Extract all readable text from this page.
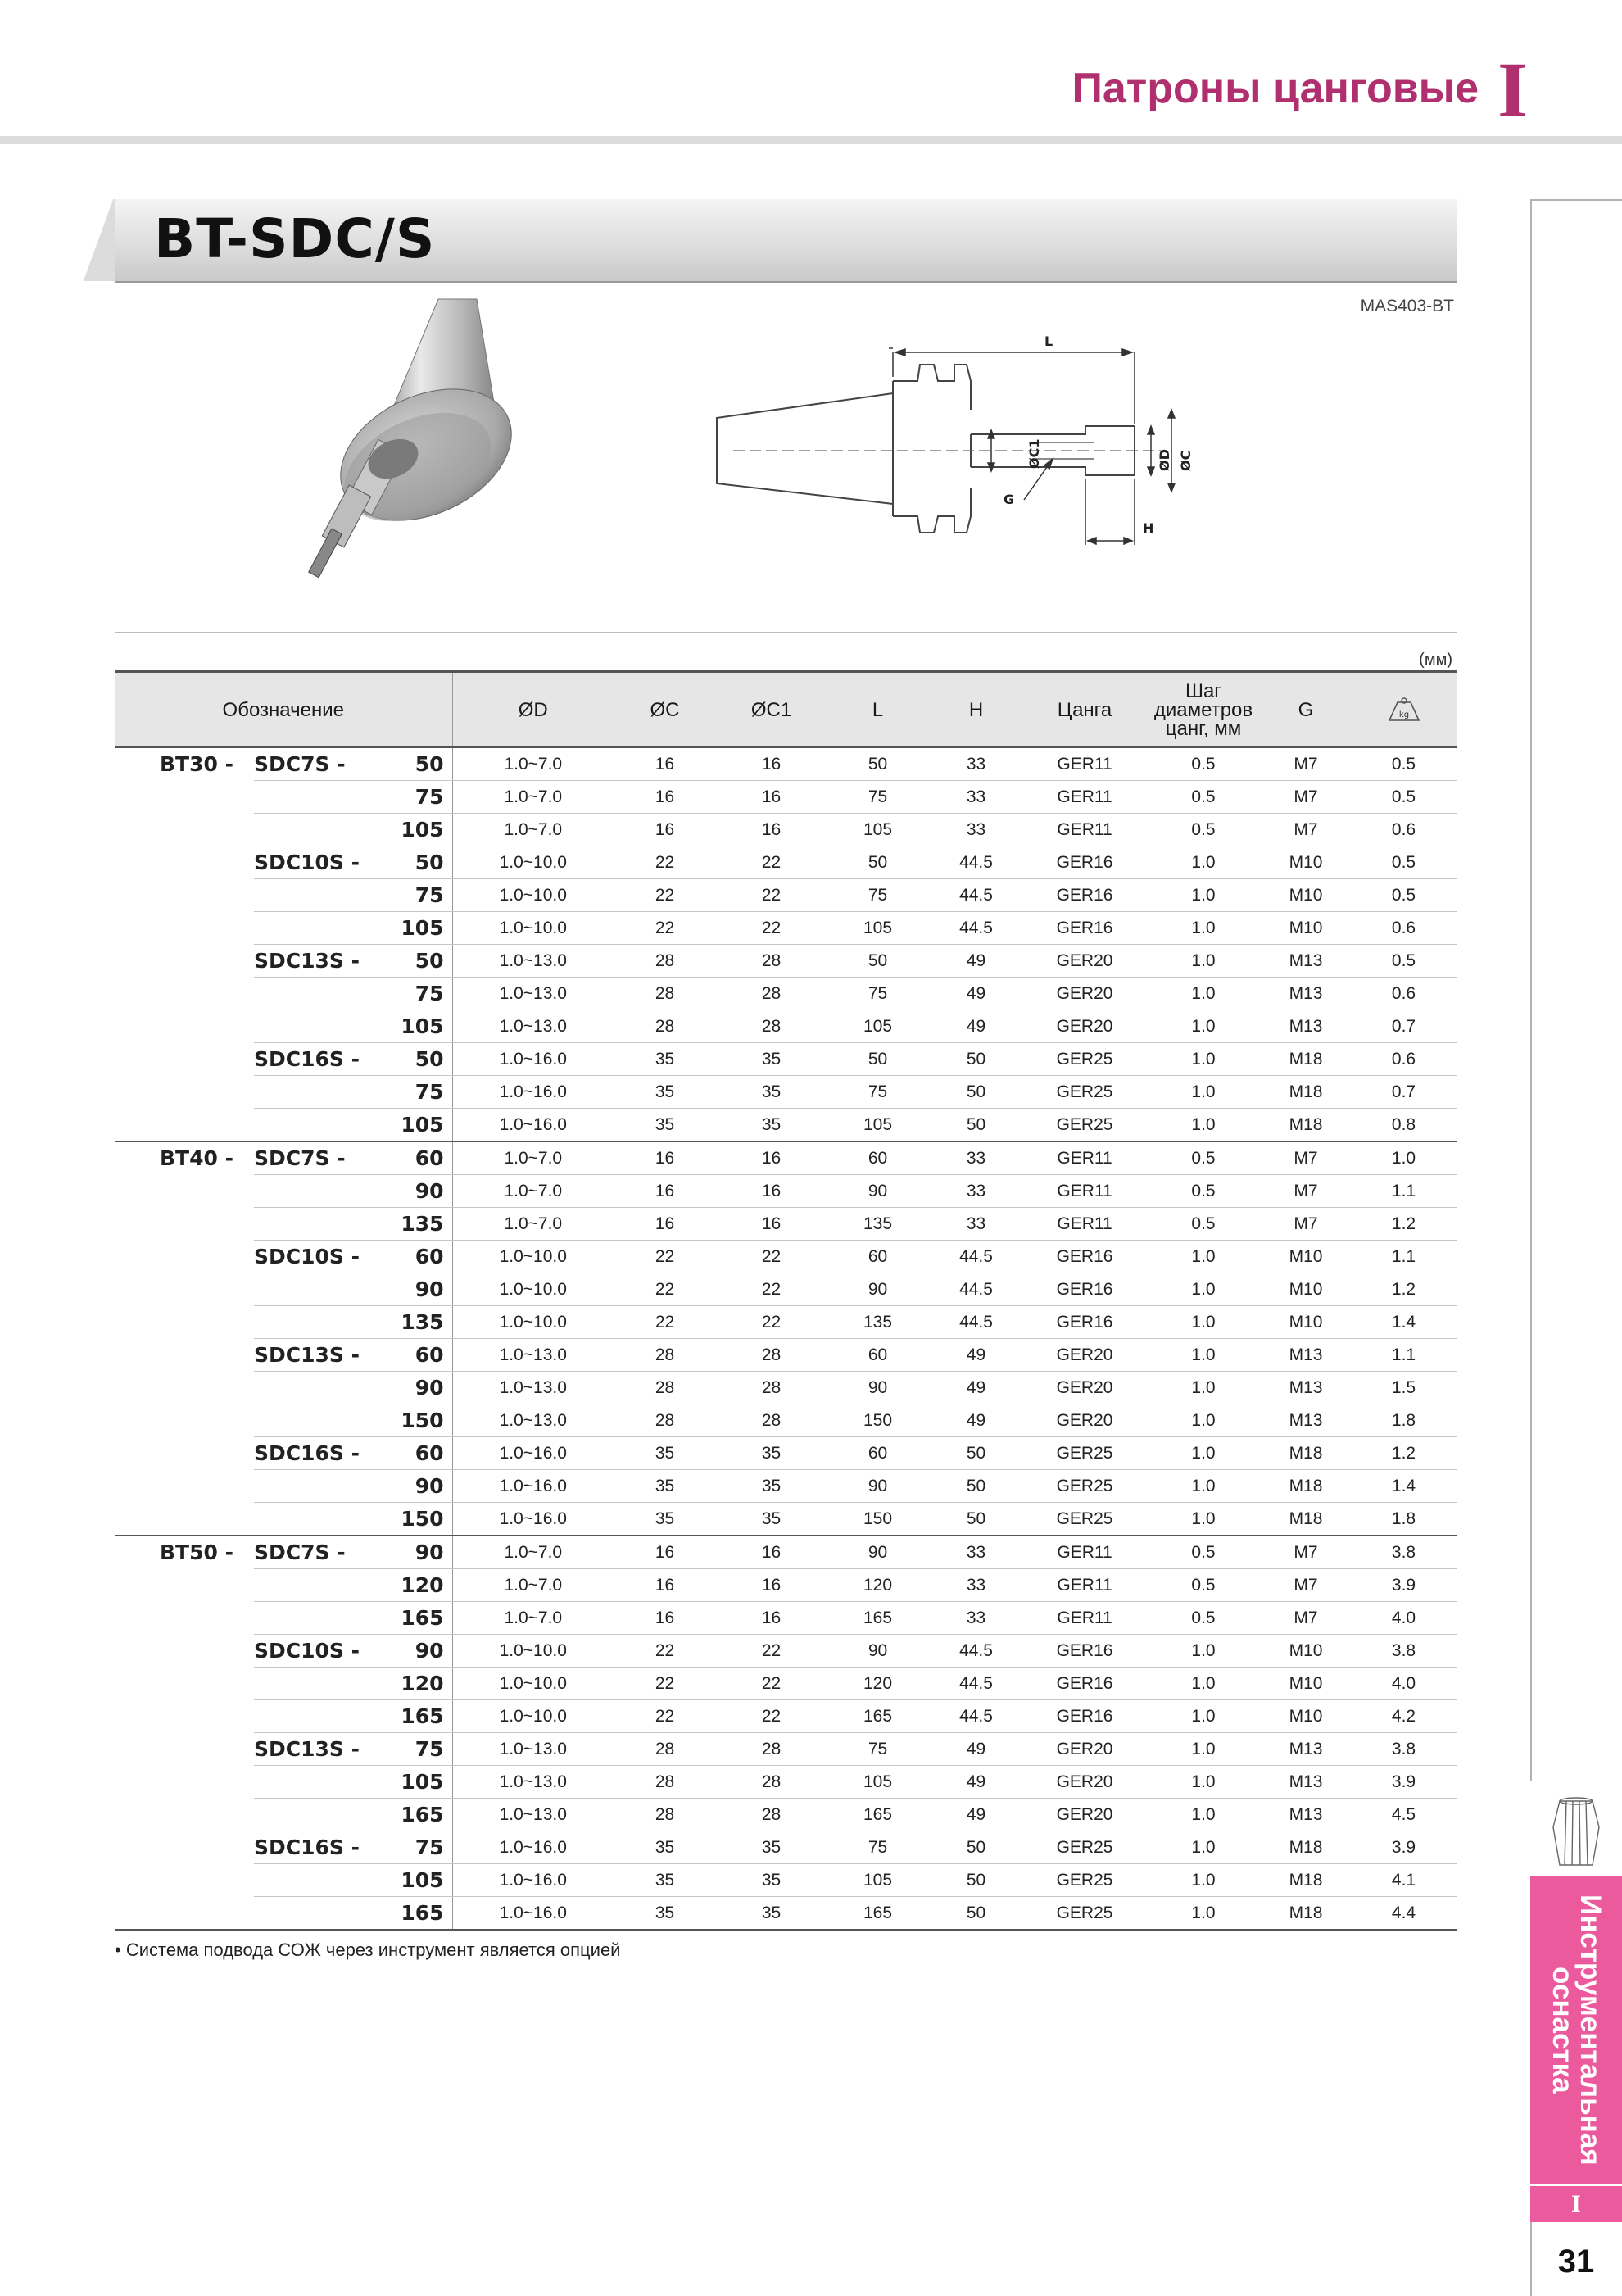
Патроны цанговые I
BT-SDC/S
MAS403-BT
L
H
G
ØD ØC
ØC1
(мм)
Обозначение			ØD	ØC	ØC1	L	H	Цанга	Шаг
диаметров
цанг, мм	G	kg

BT30 -	SDC7S -	50	1.0~7.0	16	16	50	33	GER11	0.5	M7	0.5
		75	1.0~7.0	16	16	75	33	GER11	0.5	M7	0.5
		105	1.0~7.0	16	16	105	33	GER11	0.5	M7	0.6
	SDC10S -	50	1.0~10.0	22	22	50	44.5	GER16	1.0	M10	0.5
		75	1.0~10.0	22	22	75	44.5	GER16	1.0	M10	0.5
		105	1.0~10.0	22	22	105	44.5	GER16	1.0	M10	0.6
	SDC13S -	50	1.0~13.0	28	28	50	49	GER20	1.0	M13	0.5
		75	1.0~13.0	28	28	75	49	GER20	1.0	M13	0.6
		105	1.0~13.0	28	28	105	49	GER20	1.0	M13	0.7
	SDC16S -	50	1.0~16.0	35	35	50	50	GER25	1.0	M18	0.6
		75	1.0~16.0	35	35	75	50	GER25	1.0	M18	0.7
		105	1.0~16.0	35	35	105	50	GER25	1.0	M18	0.8
BT40 -	SDC7S -	60	1.0~7.0	16	16	60	33	GER11	0.5	M7	1.0
		90	1.0~7.0	16	16	90	33	GER11	0.5	M7	1.1
		135	1.0~7.0	16	16	135	33	GER11	0.5	M7	1.2
	SDC10S -	60	1.0~10.0	22	22	60	44.5	GER16	1.0	M10	1.1
		90	1.0~10.0	22	22	90	44.5	GER16	1.0	M10	1.2
		135	1.0~10.0	22	22	135	44.5	GER16	1.0	M10	1.4
	SDC13S -	60	1.0~13.0	28	28	60	49	GER20	1.0	M13	1.1
		90	1.0~13.0	28	28	90	49	GER20	1.0	M13	1.5
		150	1.0~13.0	28	28	150	49	GER20	1.0	M13	1.8
	SDC16S -	60	1.0~16.0	35	35	60	50	GER25	1.0	M18	1.2
		90	1.0~16.0	35	35	90	50	GER25	1.0	M18	1.4
		150	1.0~16.0	35	35	150	50	GER25	1.0	M18	1.8
BT50 -	SDC7S -	90	1.0~7.0	16	16	90	33	GER11	0.5	M7	3.8
		120	1.0~7.0	16	16	120	33	GER11	0.5	M7	3.9
		165	1.0~7.0	16	16	165	33	GER11	0.5	M7	4.0
	SDC10S -	90	1.0~10.0	22	22	90	44.5	GER16	1.0	M10	3.8
		120	1.0~10.0	22	22	120	44.5	GER16	1.0	M10	4.0
		165	1.0~10.0	22	22	165	44.5	GER16	1.0	M10	4.2
	SDC13S -	75	1.0~13.0	28	28	75	49	GER20	1.0	M13	3.8
		105	1.0~13.0	28	28	105	49	GER20	1.0	M13	3.9
		165	1.0~13.0	28	28	165	49	GER20	1.0	M13	4.5
	SDC16S -	75	1.0~16.0	35	35	75	50	GER25	1.0	M18	3.9
		105	1.0~16.0	35	35	105	50	GER25	1.0	M18	4.1
		165	1.0~16.0	35	35	165	50	GER25	1.0	M18	4.4
• Система подвода СОЖ через инструмент является опцией	Инструментальная
оснастка
I
31
